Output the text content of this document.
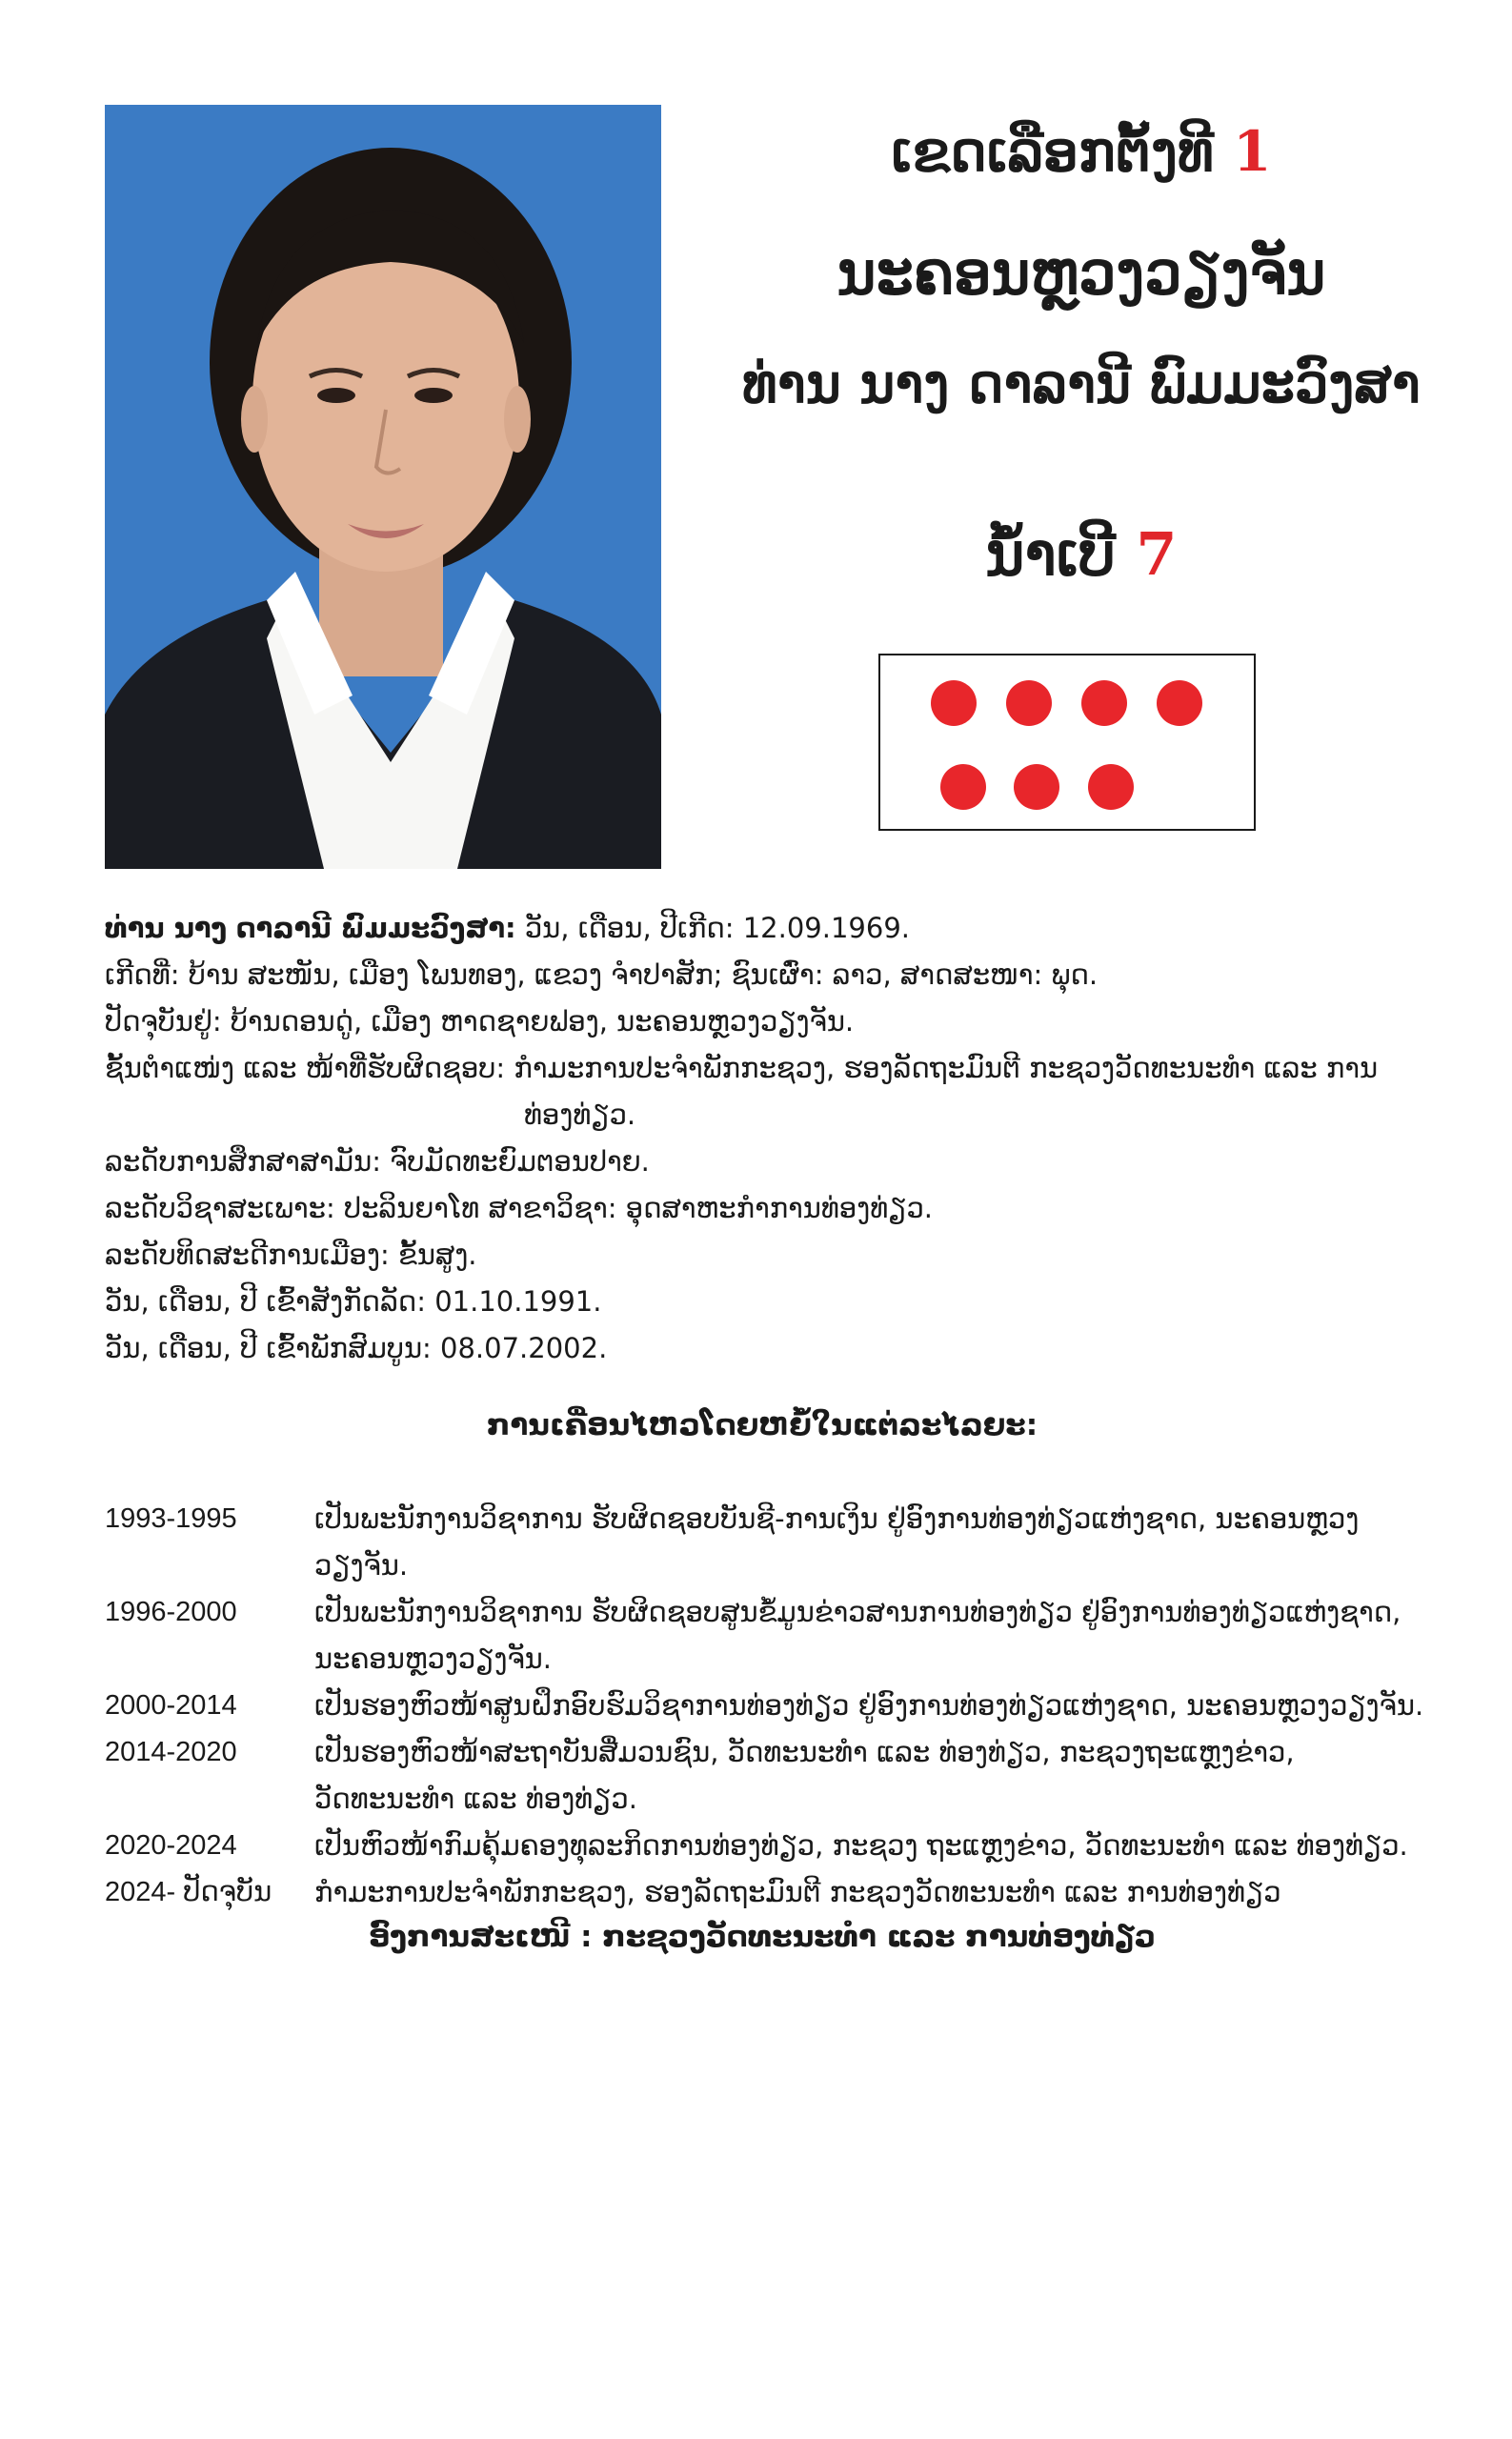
ເຂດເລືອກຕັ້ງທີ 1
ນະຄອນຫຼວງວຽງຈັນ
ທ່ານ ນາງ ດາລານີ ພົມມະວົງສາ
ນໍ້າເບີ 7
ທ່ານ ນາງ ດາລານີ ພົມມະວົງສາ: ວັນ, ເດືອນ, ປີເກີດ: 12.09.1969.
ເກີດທີ່: ບ້ານ ສະໜັນ, ເມືອງ ໂພນທອງ, ແຂວງ ຈຳປາສັກ; ຊົນເຜົ່າ: ລາວ, ສາດສະໜາ: ພຸດ.
ປັດຈຸບັນຢູ່: ບ້ານດອນດູ່, ເມືອງ ຫາດຊາຍຟອງ, ນະຄອນຫຼວງວຽງຈັນ.
ຊັ້ນຕຳແໜ່ງ ແລະ ໜ້າທີ່ຮັບຜິດຊອບ: ກຳມະການປະຈຳພັກກະຊວງ, ຮອງລັດຖະມົນຕີ ກະຊວງວັດທະນະທຳ ແລະ ການ
ທ່ອງທ່ຽວ.
ລະດັບການສຶກສາສາມັນ: ຈົບມັດທະຍົມຕອນປາຍ.
ລະດັບວິຊາສະເພາະ: ປະລິນຍາໂທ ສາຂາວິຊາ: ອຸດສາຫະກຳການທ່ອງທ່ຽວ.
ລະດັບທິດສະດີການເມືອງ: ຂັ້ນສູງ.
ວັນ, ເດືອນ, ປີ ເຂົ້າສັງກັດລັດ: 01.10.1991.
ວັນ, ເດືອນ, ປີ ເຂົ້າພັກສົມບູນ: 08.07.2002.
ການເຄື່ອນໄຫວໂດຍຫຍໍ້ໃນແຕ່ລະໄລຍະ:
1993-1995	ເປັນພະນັກງານວິຊາການ ຮັບຜິດຊອບບັນຊີ-ການເງິນ ຢູ່ອົງການທ່ອງທ່ຽວແຫ່ງຊາດ, ນະຄອນຫຼວງວຽງຈັນ.
1996-2000	ເປັນພະນັກງານວິຊາການ ຮັບຜິດຊອບສູນຂໍ້ມູນຂ່າວສານການທ່ອງທ່ຽວ ຢູ່ອົງການທ່ອງທ່ຽວແຫ່ງຊາດ,
ນະຄອນຫຼວງວຽງຈັນ.
2000-2014	ເປັນຮອງຫົວໜ້າສູນຝຶກອົບຮົມວິຊາການທ່ອງທ່ຽວ ຢູ່ອົງການທ່ອງທ່ຽວແຫ່ງຊາດ, ນະຄອນຫຼວງວຽງຈັນ.
2014-2020	ເປັນຮອງຫົວໜ້າສະຖາບັນສື່ມວນຊົນ, ວັດທະນະທຳ ແລະ ທ່ອງທ່ຽວ, ກະຊວງຖະແຫຼງຂ່າວ,
ວັດທະນະທຳ ແລະ ທ່ອງທ່ຽວ.
2020-2024	ເປັນຫົວໜ້າກົມຄຸ້ມຄອງທຸລະກິດການທ່ອງທ່ຽວ, ກະຊວງ ຖະແຫຼງຂ່າວ, ວັດທະນະທຳ ແລະ ທ່ອງທ່ຽວ.
2024- ປັດຈຸບັນ	ກຳມະການປະຈຳພັກກະຊວງ, ຮອງລັດຖະມົນຕີ ກະຊວງວັດທະນະທຳ ແລະ ການທ່ອງທ່ຽວ
ອົງການສະເໜີ : ກະຊວງວັດທະນະທຳ ແລະ ການທ່ອງທ່ຽວ
